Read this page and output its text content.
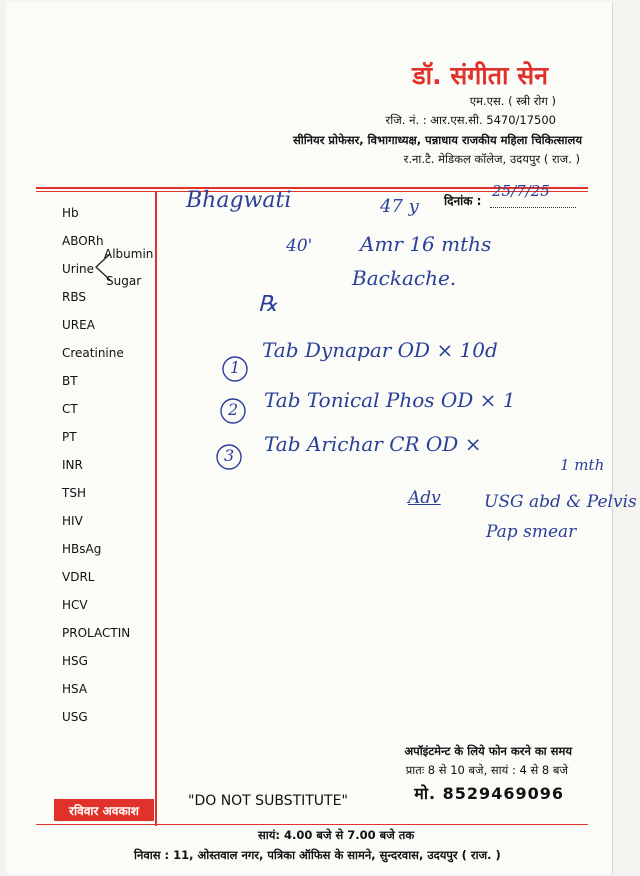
डॉ. संगीता सेन
एम.एस. ( स्त्री रोग )
रजि. नं. : आर.एस.सी. 5470/17500
सीनियर प्रोफेसर, विभागाध्यक्ष, पन्नाधाय राजकीय महिला चिकित्सालय
र.ना.टै. मेडिकल कॉलेज, उदयपुर ( राज. )
दिनांक :
Hb
ABORh
Urine
Albumin
Sugar
RBS
UREA
Creatinine
BT
CT
PT
INR
TSH
HIV
HBsAg
VDRL
HCV
PROLACTIN
HSG
HSA
USG
Bhagwati	47 y
25/7/25
40' Amr 16 mths
Backache.
℞
1
Tab Dynapar OD × 10d
2 Tab Tonical Phos OD × 1
3 Tab Arichar CR OD ×
1 mth
Adv	USG abd & Pelvis
Pap smear
अपॉइंटमेन्ट के लिये फोन करने का समय
प्रातः 8 से 10 बजे, सायं : 4 से 8 बजे
मो. 8529469096
रविवार अवकाश
"DO NOT SUBSTITUTE"
सायं: 4.00 बजे से 7.00 बजे तक
निवास : 11, ओस्तवाल नगर, पत्रिका ऑफिस के सामने, सुन्दरवास, उदयपुर ( राज. )
